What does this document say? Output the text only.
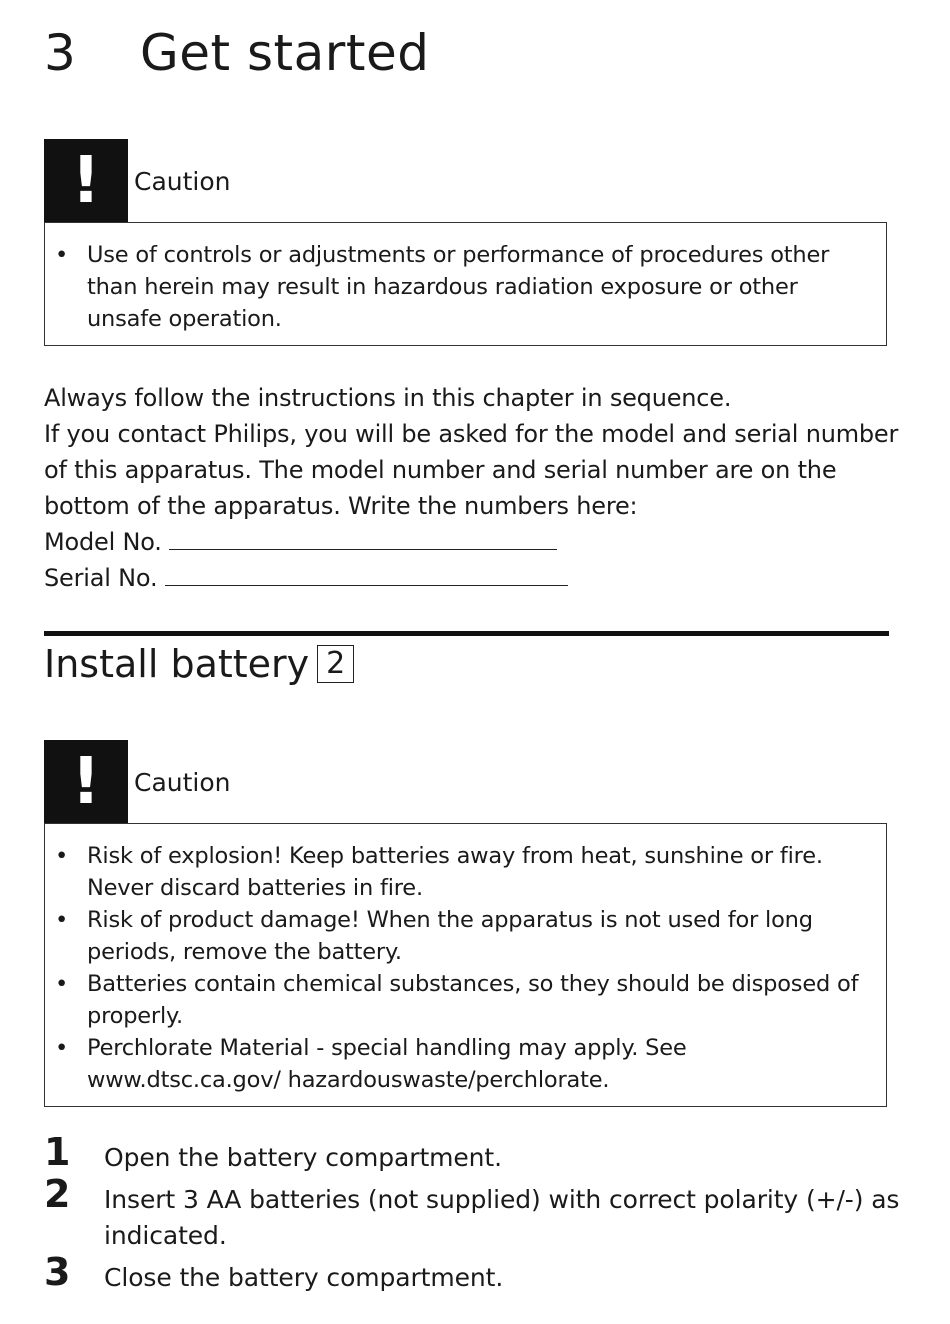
3 Get started
!	Caution
• Use of controls or adjustments or performance of procedures other than herein may result in hazardous radiation exposure or other unsafe operation.

Always follow the instructions in this chapter in sequence.

If you contact Philips, you will be asked for the model and serial number of this apparatus. The model number and serial number are on the bottom of the apparatus. Write the numbers here:

Model No.

Serial No.

Install battery 2
!	Caution
• Risk of explosion! Keep batteries away from heat, sunshine or fire. Never discard batteries in fire.
• Risk of product damage! When the apparatus is not used for long periods, remove the battery.
• Batteries contain chemical substances, so they should be disposed of properly.
• Perchlorate Material - special handling may apply. See www.dtsc.ca.gov/ hazardouswaste/perchlorate.
1 Open the battery compartment.
2 Insert 3 AA batteries (not supplied) with correct polarity (+/-) as indicated.
3 Close the battery compartment.
